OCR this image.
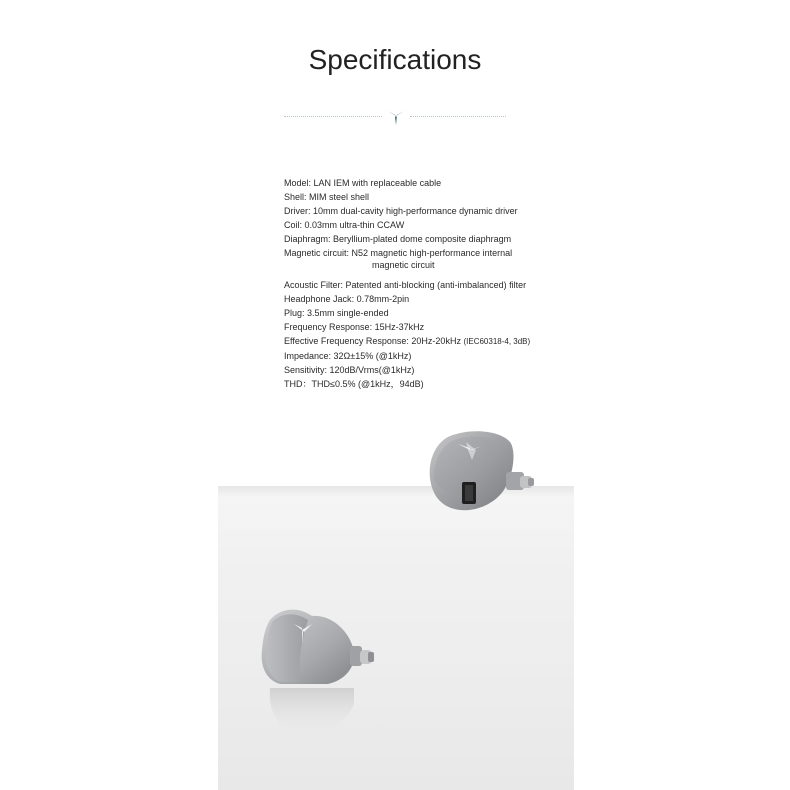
Specifications
Model: LAN IEM with replaceable cable
Shell: MIM steel shell
Driver: 10mm dual-cavity high-performance dynamic driver
Coil: 0.03mm ultra-thin CCAW
Diaphragm: Beryllium-plated dome composite diaphragm
Magnetic circuit: N52 magnetic high-performance internal
magnetic circuit
Acoustic Filter: Patented anti-blocking (anti-imbalanced) filter
Headphone Jack: 0.78mm-2pin
Plug: 3.5mm single-ended
Frequency Response: 15Hz-37kHz
Effective Frequency Response: 20Hz-20kHz (IEC60318-4, 3dB)
Impedance: 32Ω±15% (@1kHz)
Sensitivity: 120dB/Vrms(@1kHz)
THD：THD≤0.5% (@1kHz，94dB)
